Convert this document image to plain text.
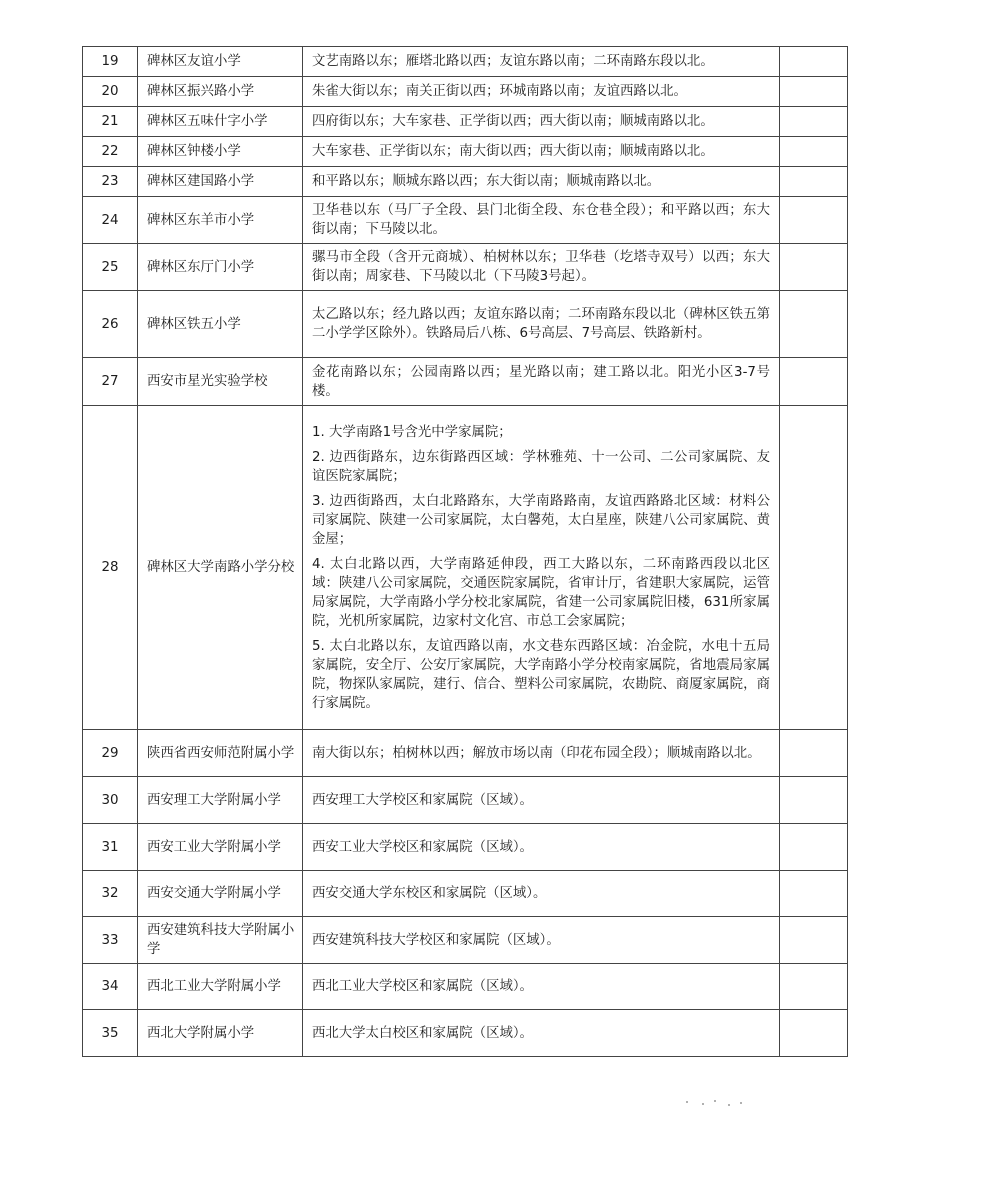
19	碑林区友谊小学	文艺南路以东；雁塔北路以西；友谊东路以南；二环南路东段以北。	
20	碑林区振兴路小学	朱雀大街以东；南关正街以西；环城南路以南；友谊西路以北。	
21	碑林区五味什字小学	四府街以东；大车家巷、正学街以西；西大街以南；顺城南路以北。	
22	碑林区钟楼小学	大车家巷、正学街以东；南大街以西；西大街以南；顺城南路以北。	
23	碑林区建国路小学	和平路以东；顺城东路以西；东大街以南；顺城南路以北。	
24	碑林区东羊市小学	卫华巷以东（马厂子全段、县门北街全段、东仓巷全段）；和平路以西；东大街以南；下马陵以北。	
25	碑林区东厅门小学	骡马市全段（含开元商城）、柏树林以东；卫华巷（圪塔寺双号）以西；东大街以南；周家巷、下马陵以北（下马陵3号起）。	
26	碑林区铁五小学	太乙路以东；经九路以西；友谊东路以南；二环南路东段以北（碑林区铁五第二小学学区除外）。铁路局后八栋、6号高层、7号高层、铁路新村。	
27	西安市星光实验学校	金花南路以东；公园南路以西；星光路以南；建工路以北。阳光小区3-7号楼。	
28	碑林区大学南路小学分校	1. 大学南路1号含光中学家属院；
2. 边西街路东，边东街路西区域：学林雅苑、十一公司、二公司家属院、友谊医院家属院；
3. 边西街路西，太白北路路东，大学南路路南，友谊西路路北区域：材料公司家属院、陕建一公司家属院，太白馨苑，太白星座，陕建八公司家属院、黄金屋；
4. 太白北路以西，大学南路延伸段，西工大路以东，二环南路西段以北区域：陕建八公司家属院，交通医院家属院，省审计厅，省建职大家属院，运管局家属院，大学南路小学分校北家属院，省建一公司家属院旧楼，631所家属院，光机所家属院，边家村文化宫、市总工会家属院；
5. 太白北路以东，友谊西路以南，水文巷东西路区域：冶金院，水电十五局家属院，安全厅、公安厅家属院，大学南路小学分校南家属院，省地震局家属院，物探队家属院，建行、信合、塑料公司家属院，农勘院、商厦家属院，商行家属院。	

29	陕西省西安师范附属小学	南大街以东；柏树林以西；解放市场以南（印花布园全段）；顺城南路以北。	
30	西安理工大学附属小学	西安理工大学校区和家属院（区域）。	
31	西安工业大学附属小学	西安工业大学校区和家属院（区域）。	
32	西安交通大学附属小学	西安交通大学东校区和家属院（区域）。	
33	西安建筑科技大学附属小学	西安建筑科技大学校区和家属院（区域）。	
34	西北工业大学附属小学	西北工业大学校区和家属院（区域）。	
35	西北大学附属小学	西北大学太白校区和家属院（区域）。	
